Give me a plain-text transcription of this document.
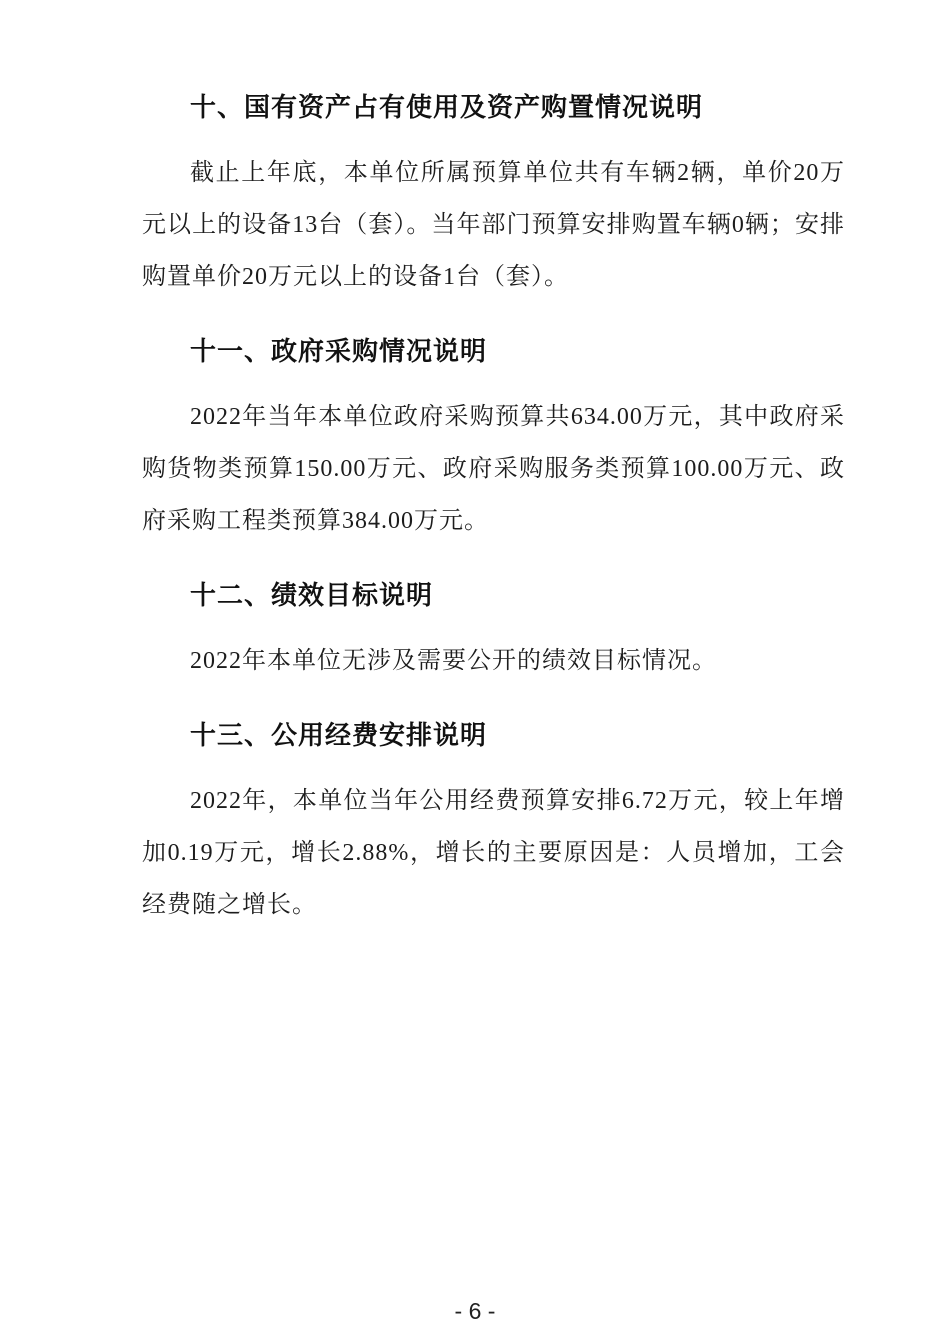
十、国有资产占有使用及资产购置情况说明

截止上年底，本单位所属预算单位共有车辆2辆，单价20万元以上的设备13台（套）。当年部门预算安排购置车辆0辆；安排购置单价20万元以上的设备1台（套）。

十一、政府采购情况说明

2022年当年本单位政府采购预算共634.00万元，其中政府采购货物类预算150.00万元、政府采购服务类预算100.00万元、政府采购工程类预算384.00万元。

十二、绩效目标说明

2022年本单位无涉及需要公开的绩效目标情况。

十三、公用经费安排说明

2022年，本单位当年公用经费预算安排6.72万元，较上年增加0.19万元，增长2.88%，增长的主要原因是：人员增加，工会经费随之增长。

- 6 -
